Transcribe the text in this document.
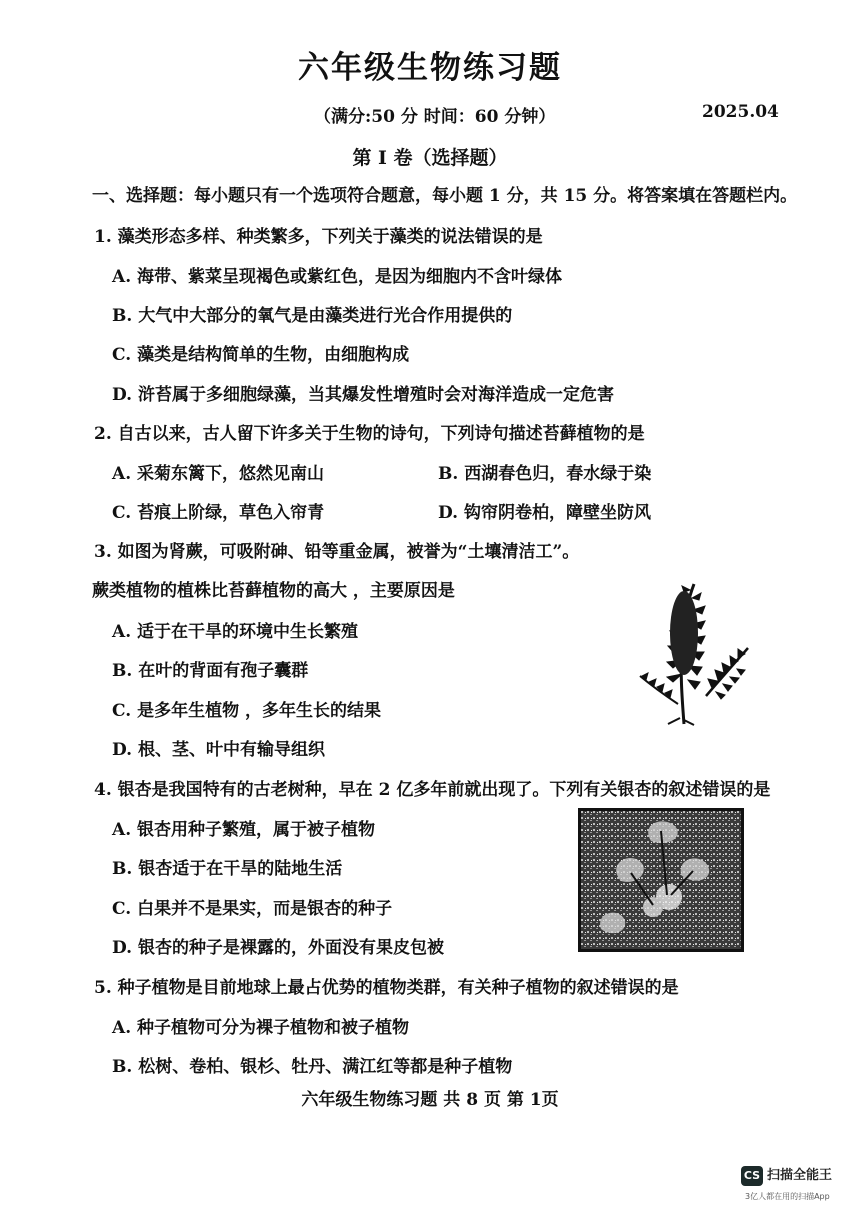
六年级生物练习题
（满分:50 分 时间：60 分钟）	2025.04
第 Ⅰ 卷（选择题）
一、选择题：每小题只有一个选项符合题意，每小题 1 分，共 15 分。将答案填在答题栏内。
1. 藻类形态多样、种类繁多，下列关于藻类的说法错误的是
A. 海带、紫菜呈现褐色或紫红色，是因为细胞内不含叶绿体
B. 大气中大部分的氧气是由藻类进行光合作用提供的
C. 藻类是结构简单的生物，由细胞构成
D. 浒苔属于多细胞绿藻，当其爆发性增殖时会对海洋造成一定危害
2. 自古以来，古人留下许多关于生物的诗句，下列诗句描述苔藓植物的是
A. 采菊东篱下，悠然见南山	B. 西湖春色归，春水绿于染
C. 苔痕上阶绿，草色入帘青	D. 钩帘阴卷柏，障壁坐防风
3. 如图为肾蕨，可吸附砷、铅等重金属，被誉为“土壤清洁工”。
蕨类植物的植株比苔藓植物的高大 ，主要原因是
A. 适于在干旱的环境中生长繁殖
B. 在叶的背面有孢子囊群
C. 是多年生植物 ，多年生长的结果
D. 根、茎、叶中有输导组织
4. 银杏是我国特有的古老树种，早在 2 亿多年前就出现了。下列有关银杏的叙述错误的是
A. 银杏用种子繁殖，属于被子植物
B. 银杏适于在干旱的陆地生活
C. 白果并不是果实，而是银杏的种子
D. 银杏的种子是裸露的，外面没有果皮包被
5. 种子植物是目前地球上最占优势的植物类群，有关种子植物的叙述错误的是
A. 种子植物可分为裸子植物和被子植物
B. 松树、卷柏、银杉、牡丹、满江红等都是种子植物
六年级生物练习题 共 8 页 第 1页
CS 扫描全能王
3亿人都在用的扫描App
